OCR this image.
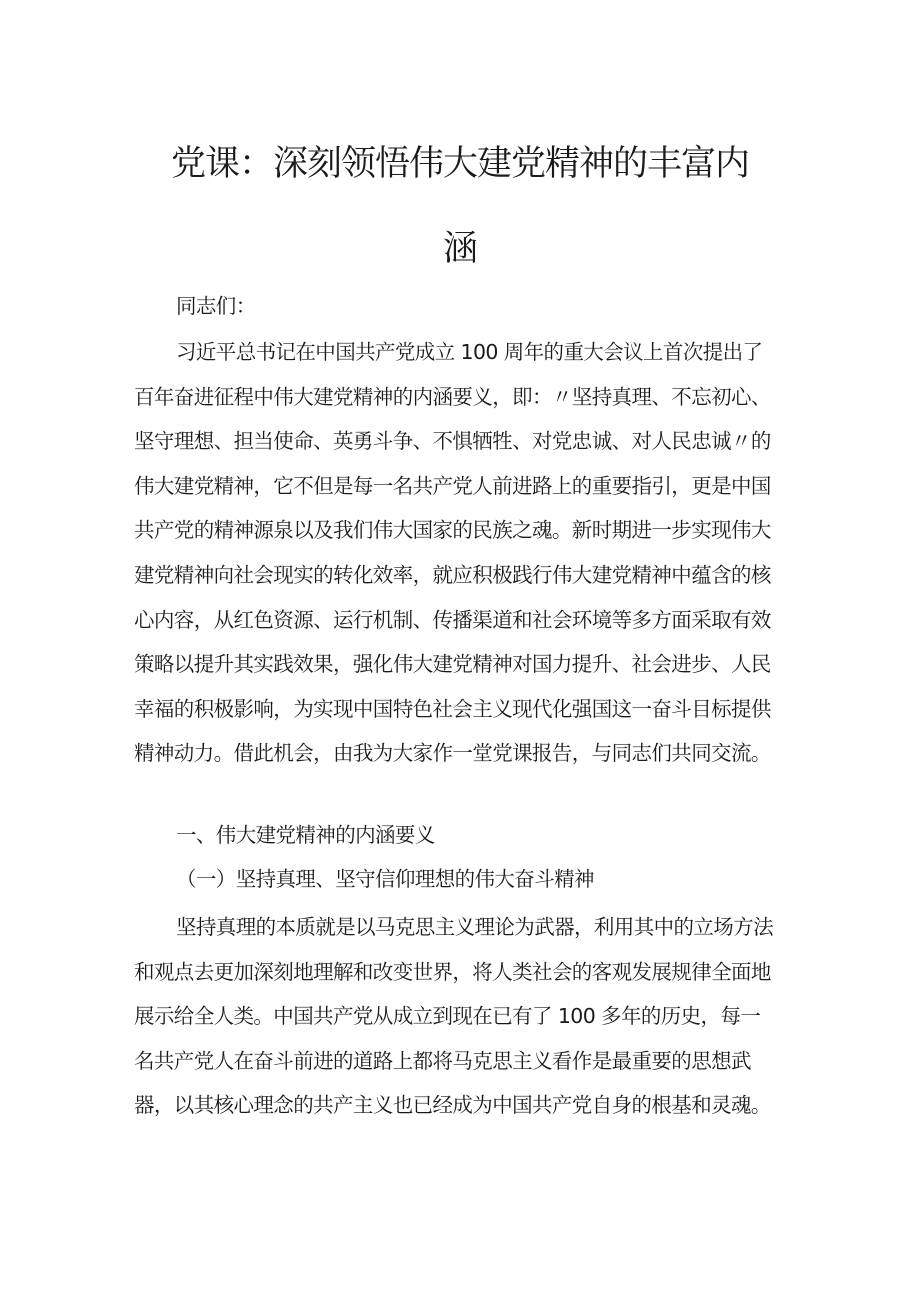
党课：深刻领悟伟大建党精神的丰富内
涵

同志们：

习近平总书记在中国共产党成立 100 周年的重大会议上首次提出了
百年奋进征程中伟大建党精神的内涵要义，即：〃坚持真理、不忘初心、
坚守理想、担当使命、英勇斗争、不惧牺牲、对党忠诚、对人民忠诚〃的
伟大建党精神，它不但是每一名共产党人前进路上的重要指引，更是中国
共产党的精神源泉以及我们伟大国家的民族之魂。新时期进一步实现伟大
建党精神向社会现实的转化效率，就应积极践行伟大建党精神中蕴含的核
心内容，从红色资源、运行机制、传播渠道和社会环境等多方面采取有效
策略以提升其实践效果，强化伟大建党精神对国力提升、社会进步、人民
幸福的积极影响，为实现中国特色社会主义现代化强国这一奋斗目标提供
精神动力。借此机会，由我为大家作一堂党课报告，与同志们共同交流。

一、伟大建党精神的内涵要义

（一）坚持真理、坚守信仰理想的伟大奋斗精神

坚持真理的本质就是以马克思主义理论为武器，利用其中的立场方法
和观点去更加深刻地理解和改变世界，将人类社会的客观发展规律全面地
展示给全人类。中国共产党从成立到现在已有了 100 多年的历史，每一
名共产党人在奋斗前进的道路上都将马克思主义看作是最重要的思想武
器，以其核心理念的共产主义也已经成为中国共产党自身的根基和灵魂。
